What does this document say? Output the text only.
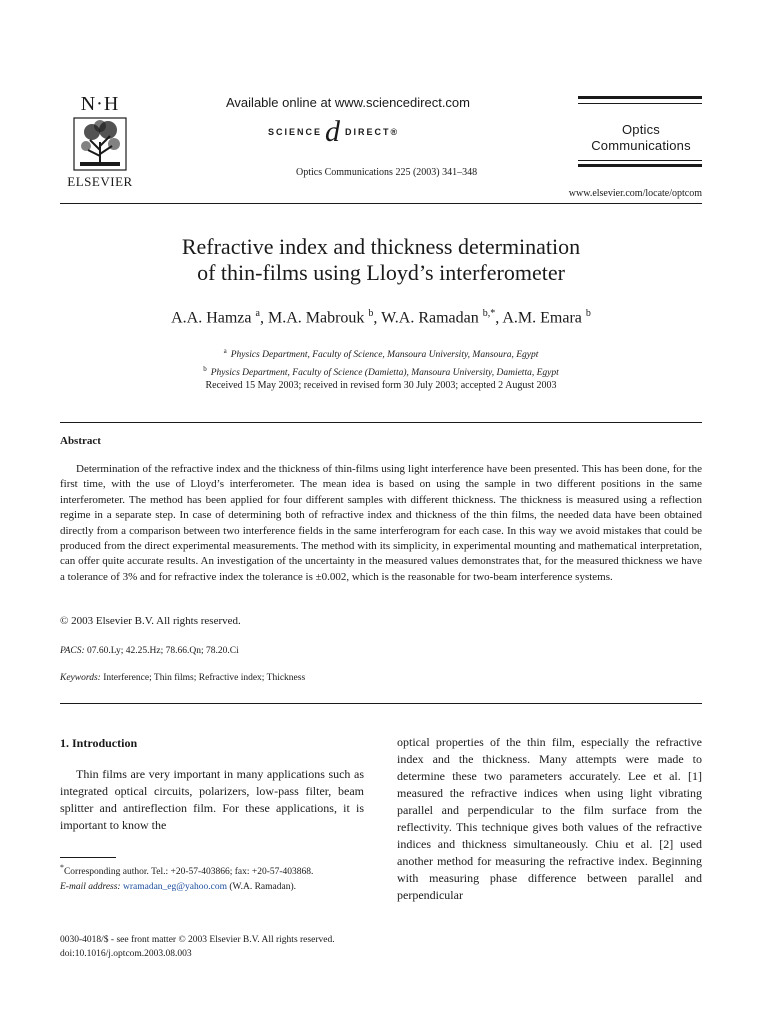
N·H
ELSEVIER
Available online at www.sciencedirect.com
SCIENCE d DIRECT®
Optics Communications 225 (2003) 341–348
Optics
Communications
www.elsevier.com/locate/optcom
Refractive index and thickness determination
of thin-films using Lloyd’s interferometer
A.A. Hamza $^a$, M.A. Mabrouk $^b$, W.A. Ramadan $^{b,*}$, A.M. Emara $^b$
$^a$ Physics Department, Faculty of Science, Mansoura University, Mansoura, Egypt
$^b$ Physics Department, Faculty of Science (Damietta), Mansoura University, Damietta, Egypt
Received 15 May 2003; received in revised form 30 July 2003; accepted 2 August 2003
Abstract

Determination of the refractive index and the thickness of thin-films using light interference have been presented. This has been done, for the first time, with the use of Lloyd’s interferometer. The mean idea is based on using the sample in two different positions in the same interferometer. The method has been applied for four different samples with different thickness. The thickness is measured using a reflection regime in a separate step. In case of determining both of refractive index and thickness of the thin films, the needed data have been obtained directly from a comparison between two interference fields in the same interferogram for each case. In this way we avoid mistakes that could be produced from the direct experimental measurements. The method with its simplicity, in experimental mounting and mathematical interpretation, can offer quite accurate results. An investigation of the uncertainty in the measured values demonstrates that, for the measured thickness we have a tolerance of 3% and for refractive index the tolerance is ±0.002, which is the reasonable for two-beam interference systems.

© 2003 Elsevier B.V. All rights reserved.
PACS: 07.60.Ly; 42.25.Hz; 78.66.Qn; 78.20.Ci
Keywords: Interference; Thin films; Refractive index; Thickness
1. Introduction

Thin films are very important in many applications such as integrated optical circuits, polarizers, low-pass filter, beam splitter and antireflection film. For these applications, it is important to know the

optical properties of the thin film, especially the refractive index and the thickness. Many attempts were made to determine these two parameters accurately. Lee et al. [1] measured the refractive indices when using light vibrating parallel and perpendicular to the film surface from the reflectivity. This technique gives both values of the refractive indices and thickness simultaneously. Chiu et al. [2] used another method for measuring the refractive index. Beginning with measuring phase difference between parallel and perpendicular

*Corresponding author. Tel.: +20-57-403866; fax: +20-57-403868.

E-mail address: wramadan_eg@yahoo.com (W.A. Ramadan).

0030-4018/$ - see front matter © 2003 Elsevier B.V. All rights reserved.
doi:10.1016/j.optcom.2003.08.003
